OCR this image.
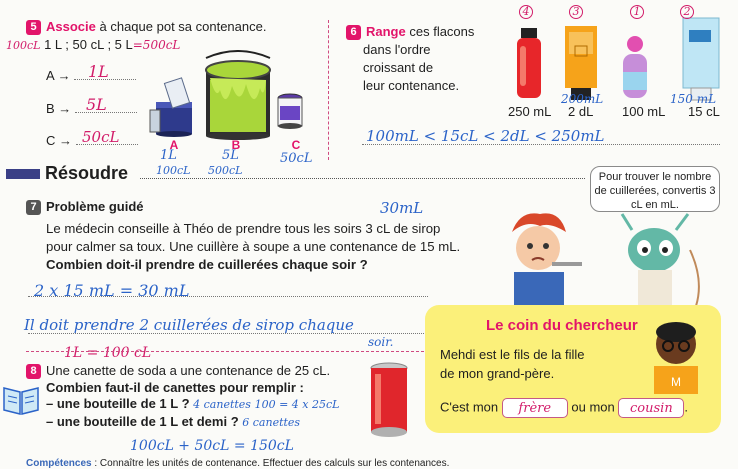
5 Associe à chaque pot sa contenance.
100cL 1 L ; 50 cL ; 5 L=500cL
A →	1L
B → 5L
C → 50cL	A	B	C
1L
100cL
5L
500cL
50cL
6 Range ces flacons
dans l'ordre
croissant de
leur contenance.
4	3	1	2
250 mL 2 dL 100 mL 15 cL
200mL	150 mL
100mL < 15cL < 2dL < 250mL
Résoudre
7 Problème guidé	30mL
Le médecin conseille à Théo de prendre tous les soirs 3 cL de sirop
pour calmer sa toux. Une cuillère à soupe a une contenance de 15 mL.
Combien doit-il prendre de cuillerées chaque soir ?
2 x 15 mL = 30 mL
Il doit prendre 2 cuillerées de sirop chaque
soir.
Pour trouver le nombre de cuillerées, convertis 3 cL en mL.
Le coin du chercheur
Mehdi est le fils de la fille
de mon grand-père.
M
C'est mon frère ou mon cousin .
1L = 100 cL
8 Une canette de soda a une contenance de 25 cL.
Combien faut-il de canettes pour remplir :
– une bouteille de 1 L ? 4 canettes 100 = 4 x 25cL
– une bouteille de 1 L et demi ? 6 canettes
100cL + 50cL = 150cL
Compétences : Connaître les unités de contenance. Effectuer des calculs sur les contenances.
